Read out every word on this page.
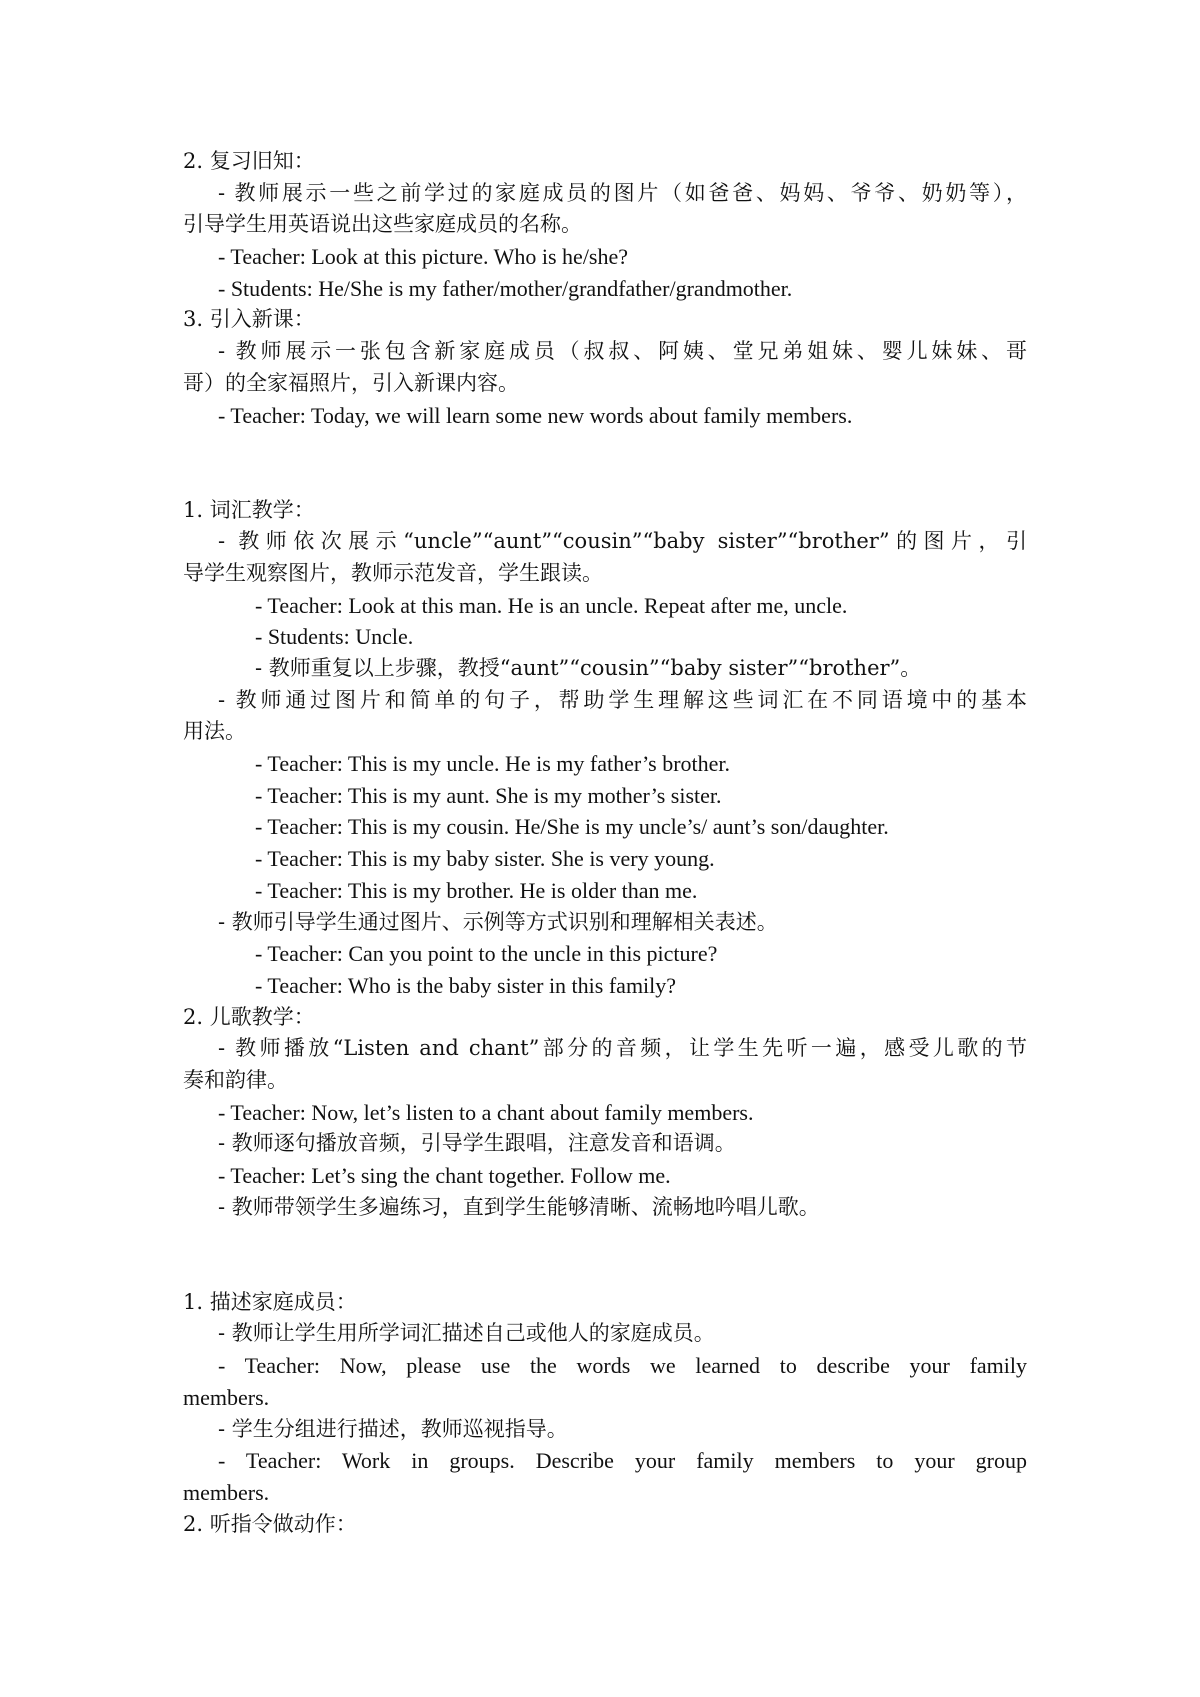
2. 复习旧知：
- 教师展示一些之前学过的家庭成员的图片（如爸爸、妈妈、爷爷、奶奶等），
引导学生用英语说出这些家庭成员的名称。
- Teacher: Look at this picture. Who is he/she?
- Students: He/She is my father/mother/grandfather/grandmother.
3. 引入新课：
- 教师展示一张包含新家庭成员（叔叔、阿姨、堂兄弟姐妹、婴儿妹妹、哥
哥）的全家福照片，引入新课内容。
- Teacher: Today, we will learn some new words about family members.
1. 词汇教学：
- 教师依次展示“uncle”“aunt”“cousin”“baby sister”“brother”的图片，引
导学生观察图片，教师示范发音，学生跟读。
- Teacher: Look at this man. He is an uncle. Repeat after me, uncle.
- Students: Uncle.
- 教师重复以上步骤，教授“aunt”“cousin”“baby sister”“brother”。
- 教师通过图片和简单的句子，帮助学生理解这些词汇在不同语境中的基本
用法。
- Teacher: This is my uncle. He is my father’s brother.
- Teacher: This is my aunt. She is my mother’s sister.
- Teacher: This is my cousin. He/She is my uncle’s/ aunt’s son/daughter.
- Teacher: This is my baby sister. She is very young.
- Teacher: This is my brother. He is older than me.
- 教师引导学生通过图片、示例等方式识别和理解相关表述。
- Teacher: Can you point to the uncle in this picture?
- Teacher: Who is the baby sister in this family?
2. 儿歌教学：
- 教师播放“Listen and chant”部分的音频，让学生先听一遍，感受儿歌的节
奏和韵律。
- Teacher: Now, let’s listen to a chant about family members.
- 教师逐句播放音频，引导学生跟唱，注意发音和语调。
- Teacher: Let’s sing the chant together. Follow me.
- 教师带领学生多遍练习，直到学生能够清晰、流畅地吟唱儿歌。
1. 描述家庭成员：
- 教师让学生用所学词汇描述自己或他人的家庭成员。
- Teacher: Now, please use the words we learned to describe your family
members.
- 学生分组进行描述，教师巡视指导。
- Teacher: Work in groups. Describe your family members to your group
members.
2. 听指令做动作：
